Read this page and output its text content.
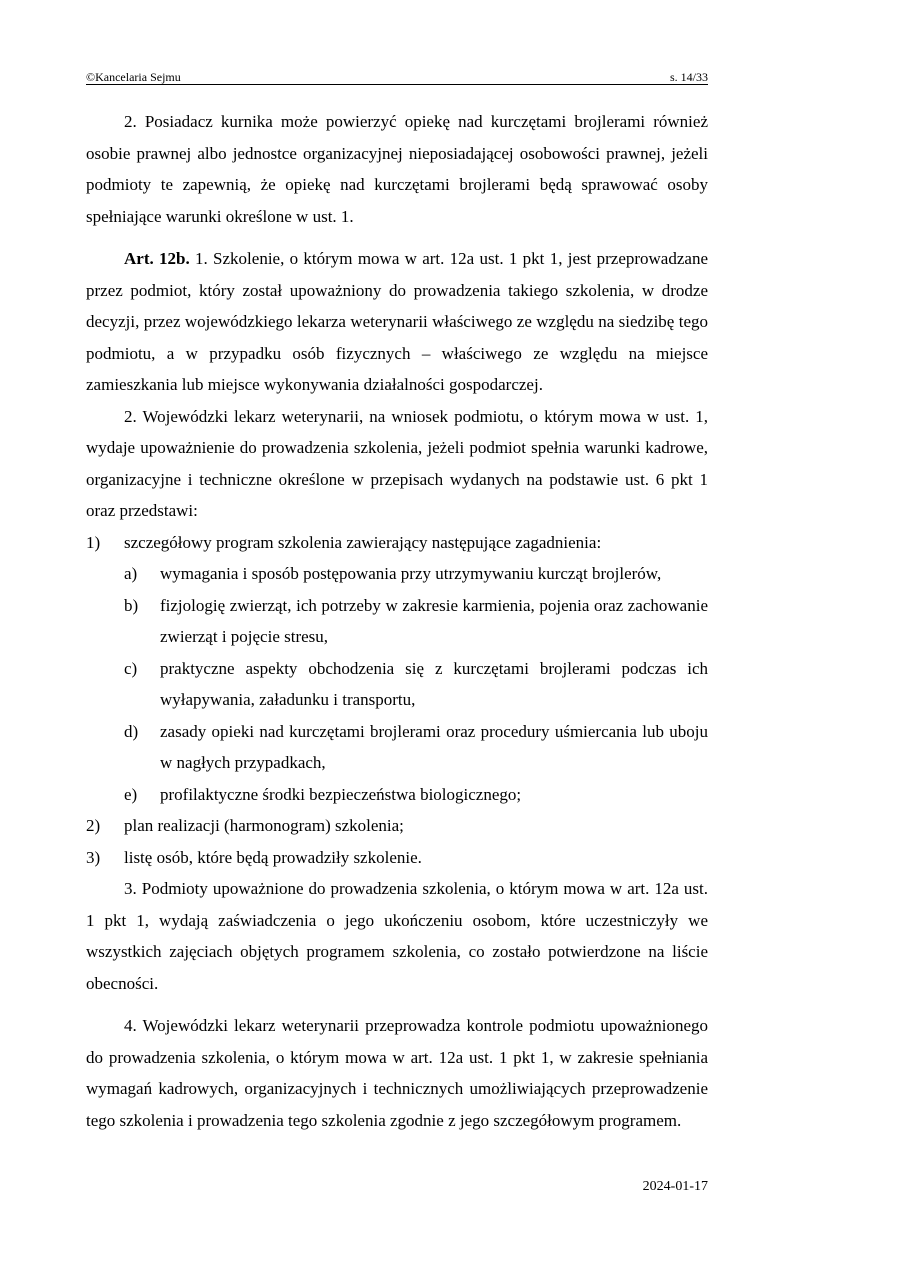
©Kancelaria Sejmu	s. 14/33

2. Posiadacz kurnika może powierzyć opiekę nad kurczętami brojlerami również osobie prawnej albo jednostce organizacyjnej nieposiadającej osobowości prawnej, jeżeli podmioty te zapewnią, że opiekę nad kurczętami brojlerami będą sprawować osoby spełniające warunki określone w ust. 1.

Art. 12b. 1. Szkolenie, o którym mowa w art. 12a ust. 1 pkt 1, jest przeprowadzane przez podmiot, który został upoważniony do prowadzenia takiego szkolenia, w drodze decyzji, przez wojewódzkiego lekarza weterynarii właściwego ze względu na siedzibę tego podmiotu, a w przypadku osób fizycznych – właściwego ze względu na miejsce zamieszkania lub miejsce wykonywania działalności gospodarczej.

2. Wojewódzki lekarz weterynarii, na wniosek podmiotu, o którym mowa w ust. 1, wydaje upoważnienie do prowadzenia szkolenia, jeżeli podmiot spełnia warunki kadrowe, organizacyjne i techniczne określone w przepisach wydanych na podstawie ust. 6 pkt 1 oraz przedstawi:

1) szczegółowy program szkolenia zawierający następujące zagadnienia:
a) wymagania i sposób postępowania przy utrzymywaniu kurcząt brojlerów,
b) fizjologię zwierząt, ich potrzeby w zakresie karmienia, pojenia oraz zachowanie zwierząt i pojęcie stresu,
c) praktyczne aspekty obchodzenia się z kurczętami brojlerami podczas ich wyłapywania, załadunku i transportu,
d) zasady opieki nad kurczętami brojlerami oraz procedury uśmiercania lub uboju w nagłych przypadkach,
e) profilaktyczne środki bezpieczeństwa biologicznego;
2) plan realizacji (harmonogram) szkolenia;
3) listę osób, które będą prowadziły szkolenie.

3. Podmioty upoważnione do prowadzenia szkolenia, o którym mowa w art. 12a ust. 1 pkt 1, wydają zaświadczenia o jego ukończeniu osobom, które uczestniczyły we wszystkich zajęciach objętych programem szkolenia, co zostało potwierdzone na liście obecności.

4. Wojewódzki lekarz weterynarii przeprowadza kontrole podmiotu upoważnionego do prowadzenia szkolenia, o którym mowa w art. 12a ust. 1 pkt 1, w zakresie spełniania wymagań kadrowych, organizacyjnych i technicznych umożliwiających przeprowadzenie tego szkolenia i prowadzenia tego szkolenia zgodnie z jego szczegółowym programem.

2024-01-17
